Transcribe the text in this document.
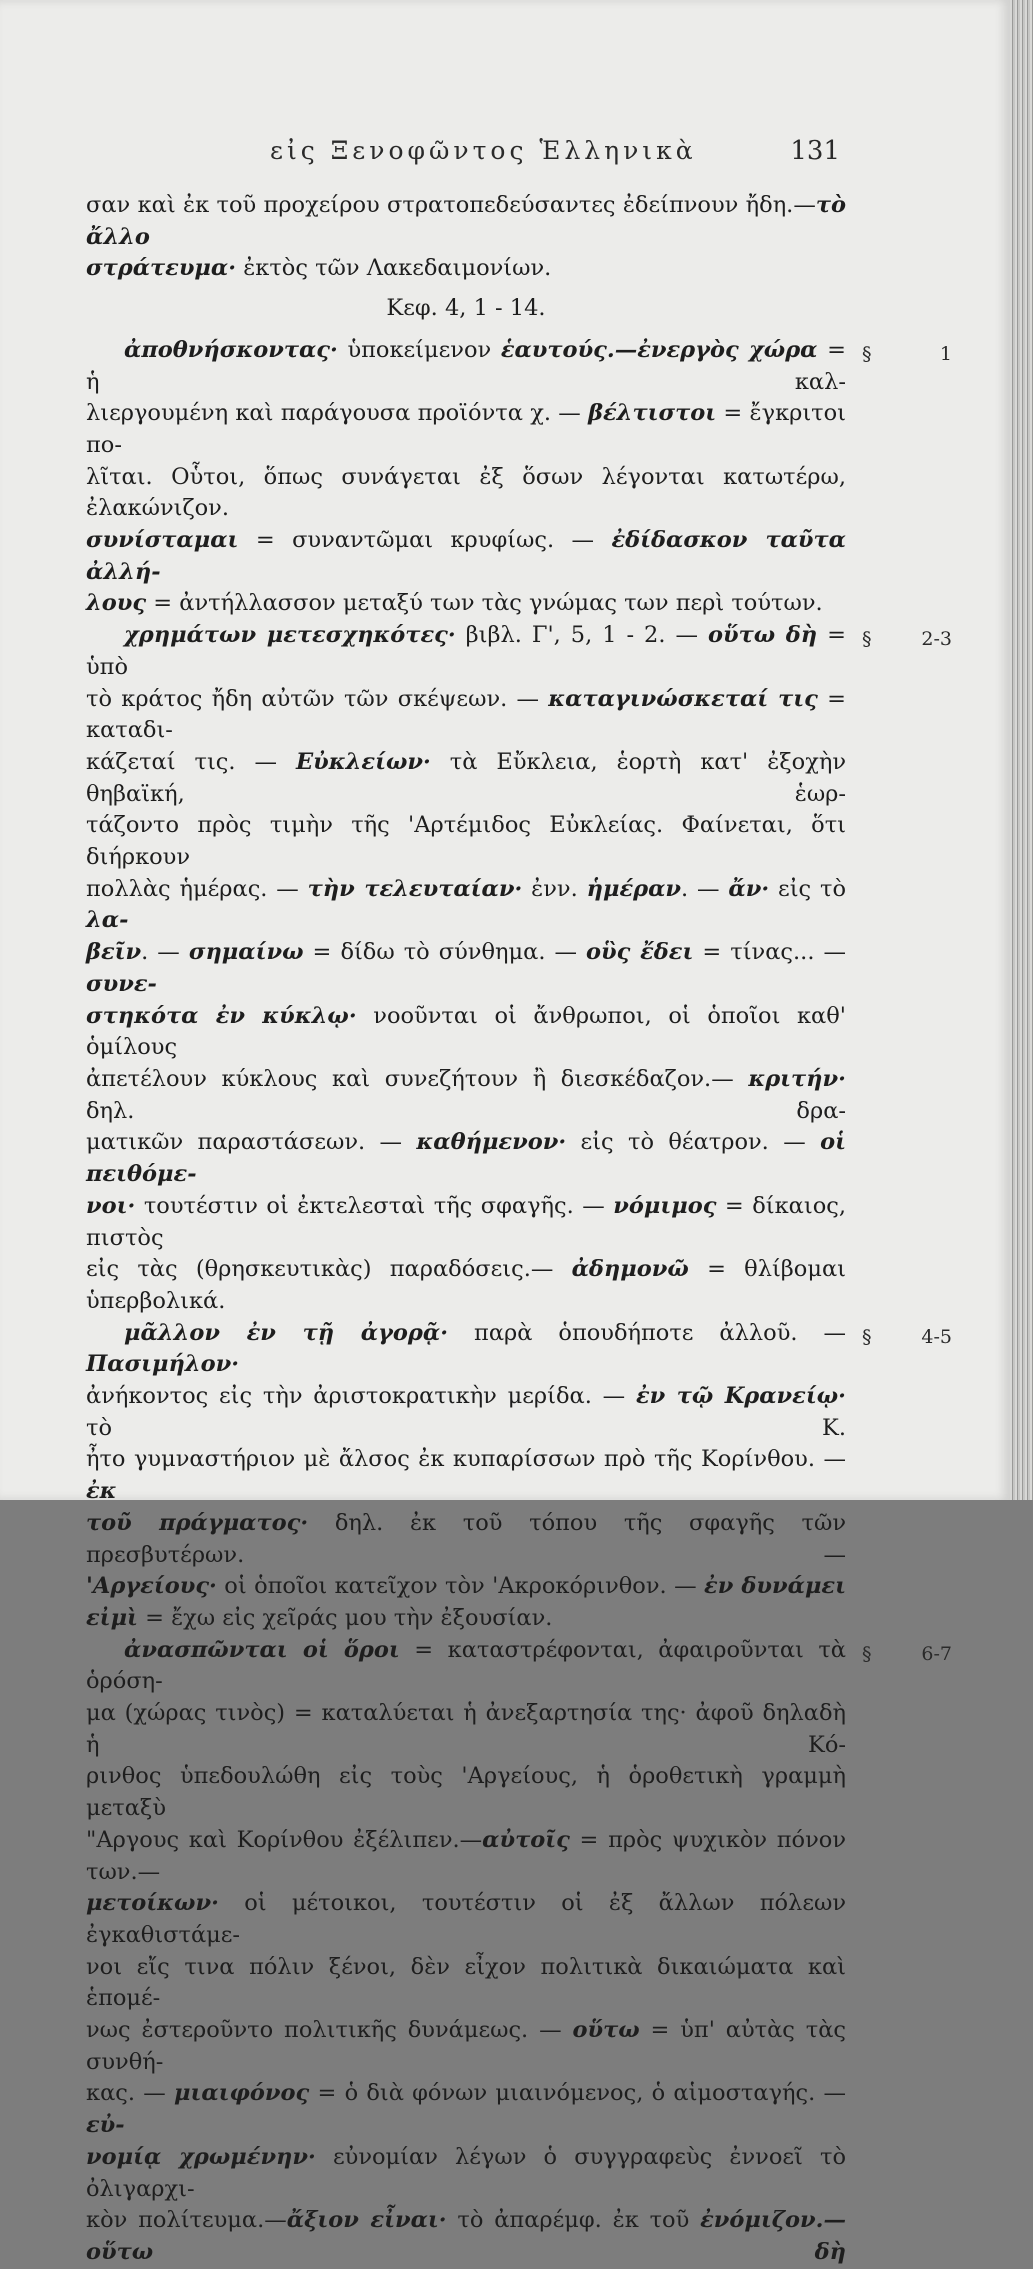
εἰς Ξενοφῶντος Ἑλληνικὰ	131

σαν καὶ ἐκ τοῦ προχείρου στρατοπεδεύσαντες ἐδείπνουν ἤδη.—τὸ ἄλλο

στράτευμα· ἐκτὸς τῶν Λακεδαιμονίων.

Κεφ. 4, 1 - 14.

ἀποθνήσκοντας· ὑποκείμενον ἑαυτούς.—ἐνεργὸς χώρα = ἡ καλ-
§ 1

λιεργουμένη καὶ παράγουσα προϊόντα χ. — βέλτιστοι = ἔγκριτοι πο-

λῖται. Οὗτοι, ὅπως συνάγεται ἐξ ὅσων λέγονται κατωτέρω, ἐλακώνιζον.

συνίσταμαι = συναντῶμαι κρυφίως. — ἐδίδασκον ταῦτα ἀλλή-

λους = ἀντήλλασσον μεταξύ των τὰς γνώμας των περὶ τούτων.

χρημάτων μετεσχηκότες· βιβλ. Γ', 5, 1 - 2. — οὕτω δὴ = ὑπὸ
§ 2-3

τὸ κράτος ἤδη αὐτῶν τῶν σκέψεων. — καταγινώσκεταί τις = καταδι-

κάζεταί τις. — Εὐκλείων· τὰ Εὔκλεια, ἑορτὴ κατ' ἐξοχὴν θηβαϊκή, ἑωρ-

τάζοντο πρὸς τιμὴν τῆς 'Αρτέμιδος Εὐκλείας. Φαίνεται, ὅτι διήρκουν

πολλὰς ἡμέρας. — τὴν τελευταίαν· ἐνν. ἡμέραν. — ἄν· εἰς τὸ λα-

βεῖν. — σημαίνω = δίδω τὸ σύνθημα. — οὓς ἔδει = τίνας... — συνε-

στηκότα ἐν κύκλῳ· νοοῦνται οἱ ἄνθρωποι, οἱ ὁποῖοι καθ' ὁμίλους

ἀπετέλουν κύκλους καὶ συνεζήτουν ἢ διεσκέδαζον.— κριτήν· δηλ. δρα-

ματικῶν παραστάσεων. — καθήμενον· εἰς τὸ θέατρον. — οἱ πειθόμε-

νοι· τουτέστιν οἱ ἐκτελεσταὶ τῆς σφαγῆς. — νόμιμος = δίκαιος, πιστὸς

εἰς τὰς (θρησκευτικὰς) παραδόσεις.— ἀδημονῶ = θλίβομαι ὑπερβολικά.

μᾶλλον ἐν τῇ ἀγορᾷ· παρὰ ὁπουδήποτε ἀλλοῦ. — Πασιμήλον·
§ 4-5

ἀνήκοντος εἰς τὴν ἀριστοκρατικὴν μερίδα. — ἐν τῷ Κρανείῳ· τὸ Κ.

ἦτο γυμναστήριον μὲ ἄλσος ἐκ κυπαρίσσων πρὸ τῆς Κορίνθου. — ἐκ

τοῦ πράγματος· δηλ. ἐκ τοῦ τόπου τῆς σφαγῆς τῶν πρεσβυτέρων. —

'Αργείους· οἱ ὁποῖοι κατεῖχον τὸν 'Ακροκόρινθον. — ἐν δυνάμει

εἰμὶ = ἔχω εἰς χεῖράς μου τὴν ἐξουσίαν.

ἀνασπῶνται οἱ ὅροι = καταστρέφονται, ἀφαιροῦνται τὰ ὁρόση-
§ 6-7

μα (χώρας τινὸς) = καταλύεται ἡ ἀνεξαρτησία της· ἀφοῦ δηλαδὴ ἡ Κό-

ρινθος ὑπεδουλώθη εἰς τοὺς 'Αργείους, ἡ ὁροθετικὴ γραμμὴ μεταξὺ

"Αργους καὶ Κορίνθου ἐξέλιπεν.—αὐτοῖς = πρὸς ψυχικὸν πόνον των.—

μετοίκων· οἱ μέτοικοι, τουτέστιν οἱ ἐξ ἄλλων πόλεων ἐγκαθιστάμε-

νοι εἴς τινα πόλιν ξένοι, δὲν εἶχον πολιτικὰ δικαιώματα καὶ ἑπομέ-

νως ἐστεροῦντο πολιτικῆς δυνάμεως. — οὕτω = ὑπ' αὐτὰς τὰς συνθή-

κας. — μιαιφόνος = ὁ διὰ φόνων μιαινόμενος, ὁ αἱμοσταγής. — εὐ-

νομίᾳ χρωμένην· εὐνομίαν λέγων ὁ συγγραφεὺς ἐννοεῖ τὸ ὀλιγαρχι-

κὸν πολίτευμα.—ἄξιον εἶναι· τὸ ἀπαρέμφ. ἐκ τοῦ ἐνόμιζον.—οὕτω δὴ
